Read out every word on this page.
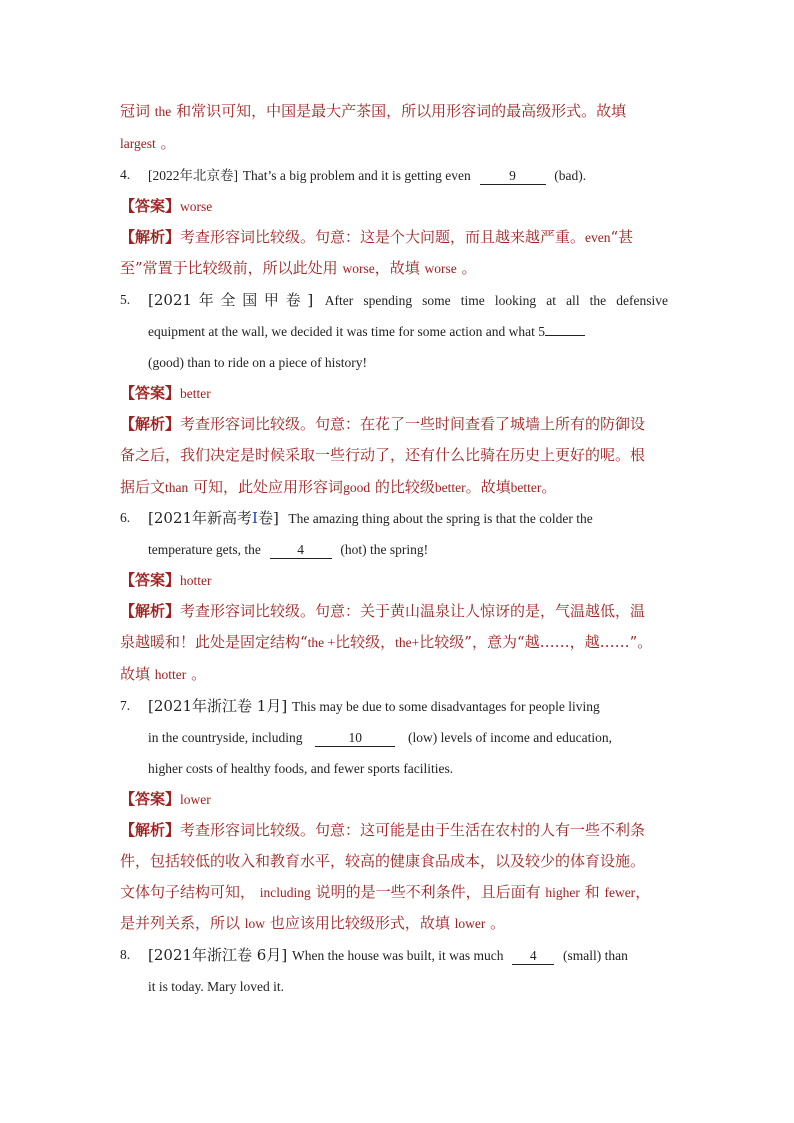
冠词 the 和常识可知，中国是最大产茶国，所以用形容词的最高级形式。故填
largest 。
4.	[2022年北京卷] That’s a big problem and it is getting even	9	(bad).
【答案】worse
【解析】考查形容词比较级。句意：这是个大问题，而且越来越严重。even“甚
至”常置于比较级前，所以此处用 worse，故填 worse 。
5.	[2021年全国甲卷] After spending some time looking at all the defensive
equipment at the wall, we decided it was time for some action and what 5
(good) than to ride on a piece of history!
【答案】better
【解析】考查形容词比较级。句意：在花了一些时间查看了城墙上所有的防御设
备之后，我们决定是时候采取一些行动了，还有什么比骑在历史上更好的呢。根
据后文than 可知，此处应用形容词good 的比较级better。故填better。
6.	[2021年新高考Ⅰ卷] The amazing thing about the spring is that the colder the
temperature gets, the	4	(hot) the spring!
【答案】hotter
【解析】考查形容词比较级。句意：关于黄山温泉让人惊讶的是，气温越低，温
泉越暖和！此处是固定结构“the +比较级，the+比较级”，意为“越……，越……”。
故填 hotter 。
7.	[2021年浙江卷 1月] This may be due to some disadvantages for people living
in the countryside, including	10	(low) levels of income and education,
higher costs of healthy foods, and fewer sports facilities.
【答案】lower
【解析】考查形容词比较级。句意：这可能是由于生活在农村的人有一些不利条
件，包括较低的收入和教育水平，较高的健康食品成本，以及较少的体育设施。
文体句子结构可知， including 说明的是一些不利条件，且后面有 higher 和 fewer，
是并列关系，所以 low 也应该用比较级形式，故填 lower 。
8.	[2021年浙江卷 6月] When the house was built, it was much 4 (small) than
it is today. Mary loved it.
